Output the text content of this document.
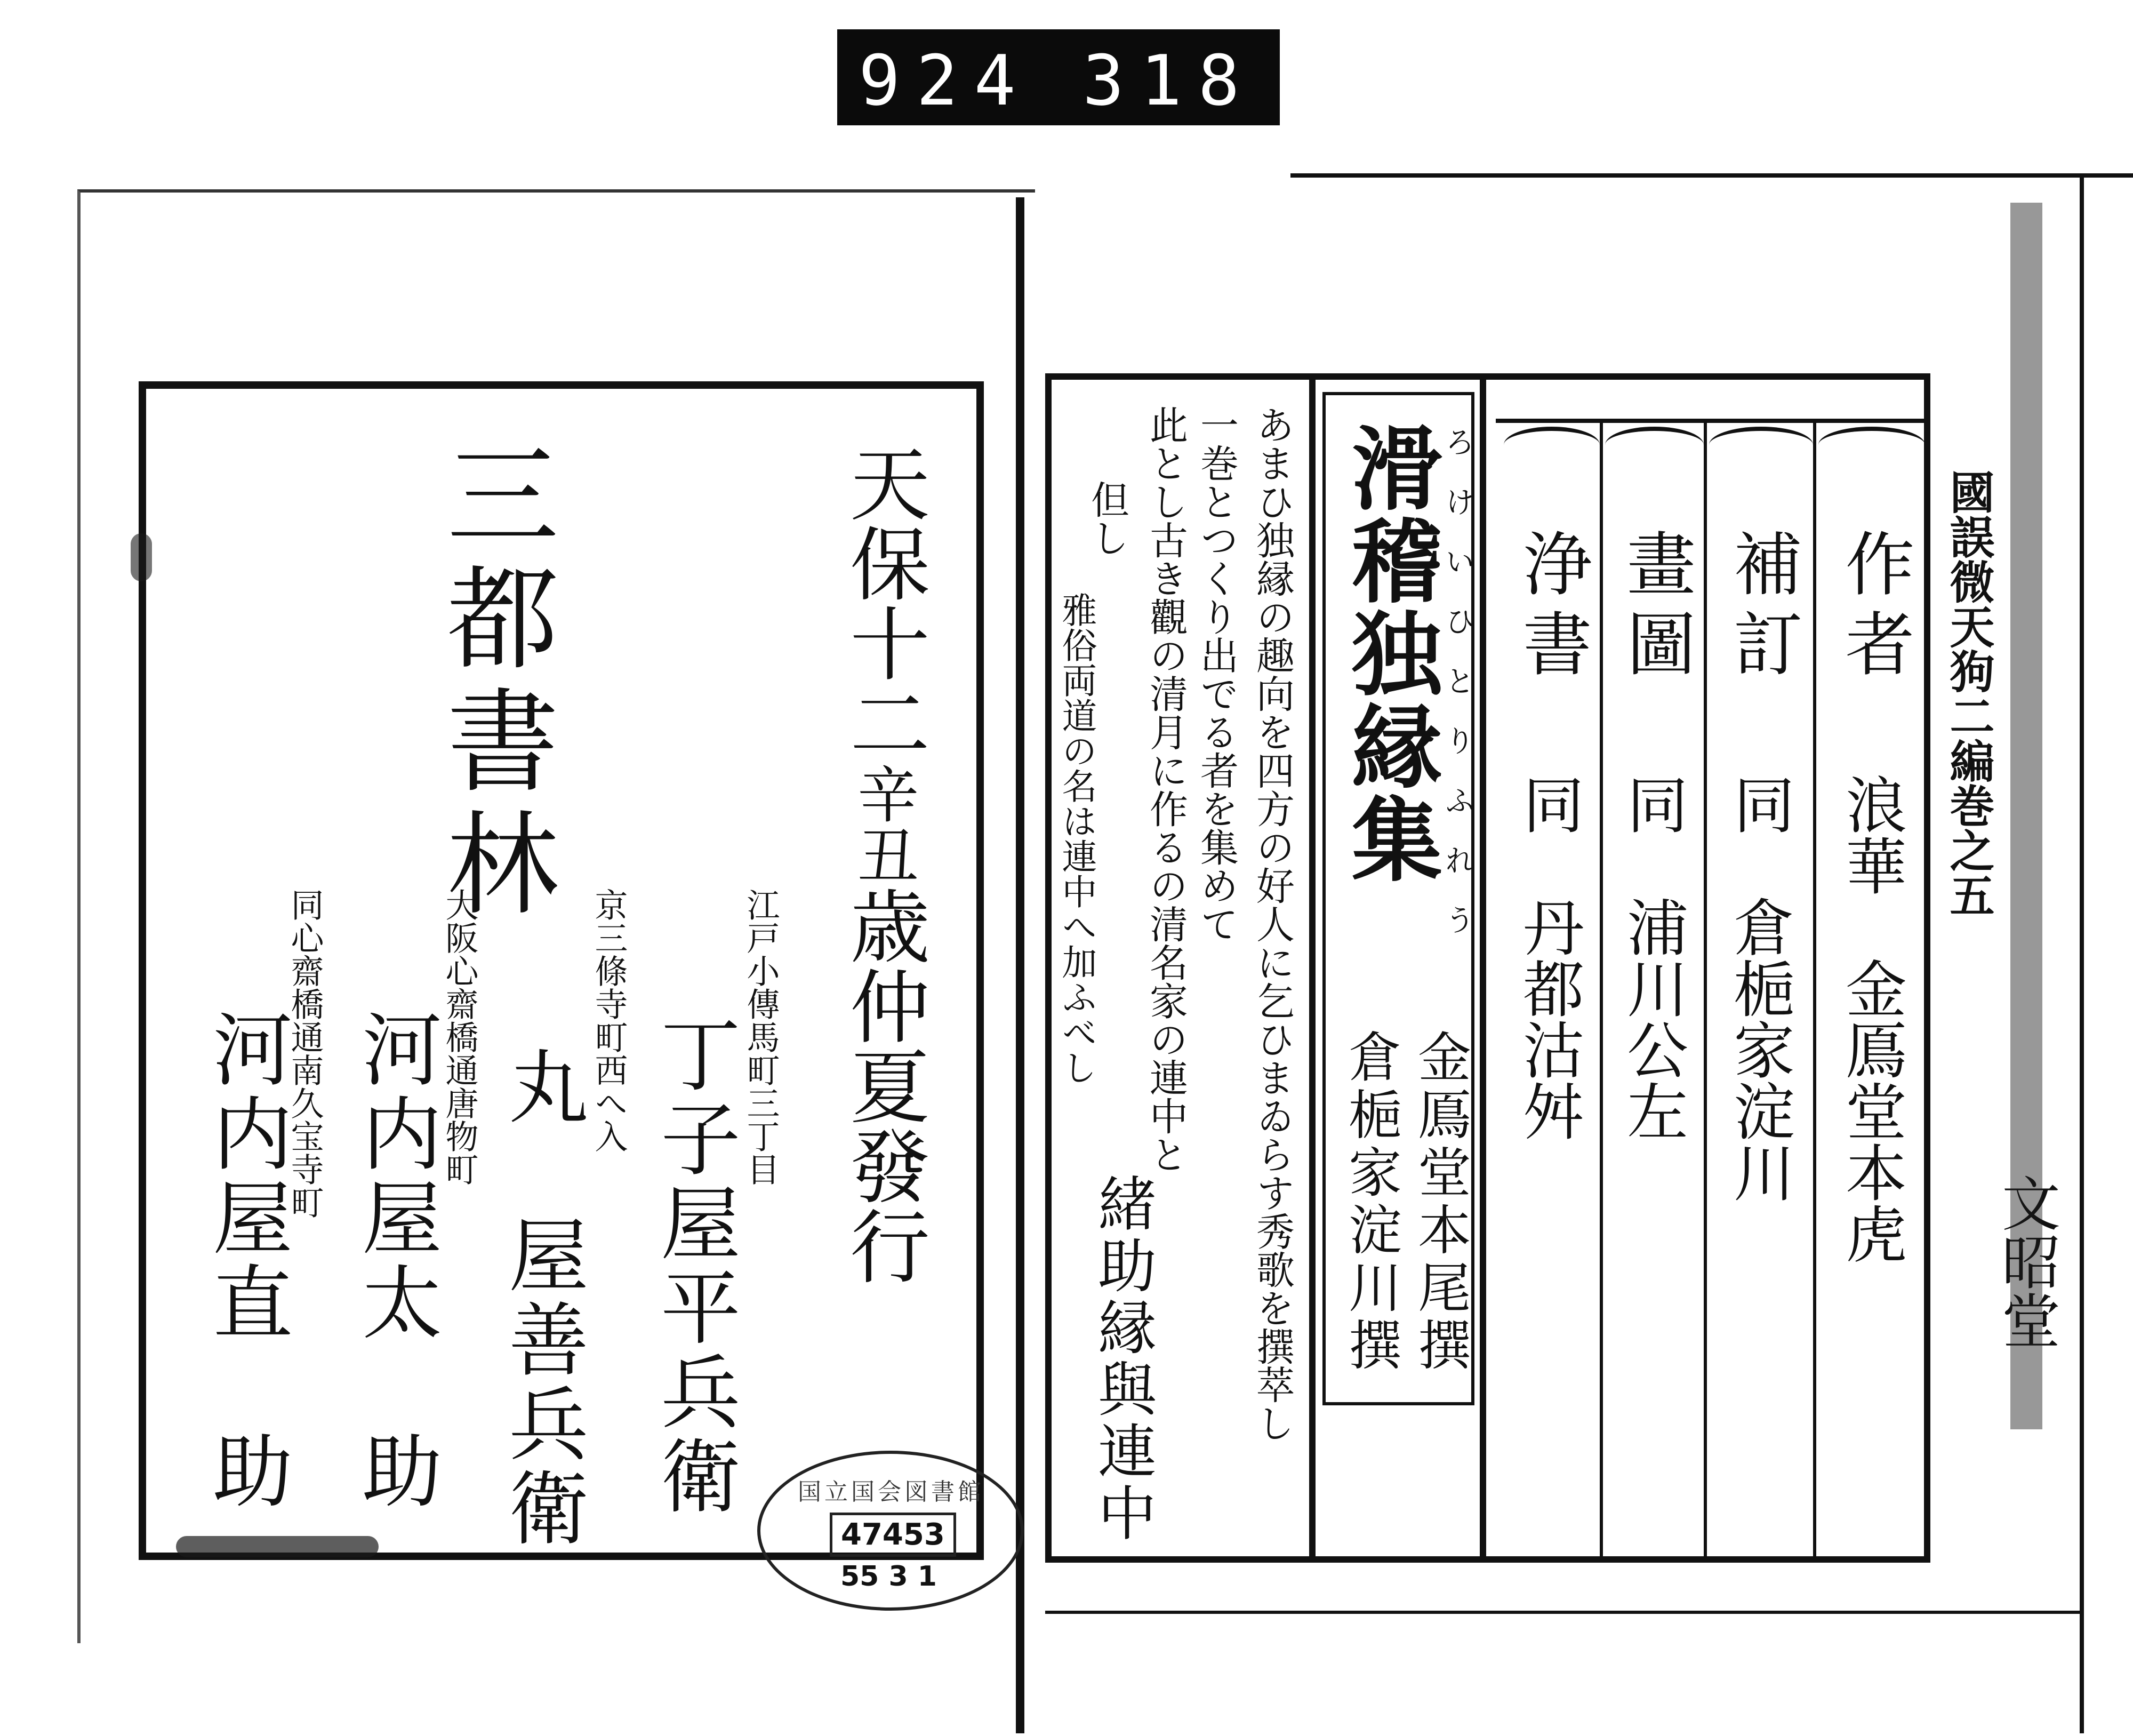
924 318
天保十二辛丑歳仲夏發行
三都書林
江戸小傳馬町三丁目
丁子屋平兵衛
京三條寺町西へ入
丸　屋善兵衛
大阪心齋橋通唐物町
河内屋太　助
同心齋橋通南久宝寺町
河内屋直　助	国立国会図書館
47453
55 3 1
滑稽独縁集
ろけいひとりふれう
金鳫堂本尾撰
倉梔家淀川撰
あまひ独縁の趣向を四方の好人に乞ひまゐらす秀歌を撰萃し
一巻とつくり出でる者を集めて
此とし古き觀の清月に作るの清名家の連中と
但し
雅俗両道の名は連中へ加ふべし
緒助縁與連中
作者
浪華　金鳫堂本虎
補訂
同　倉梔家淀川
畫圖
同　浦川公左
浄書
同　丹都沽舛
國誤微天狗二編巻之五
文昭堂
